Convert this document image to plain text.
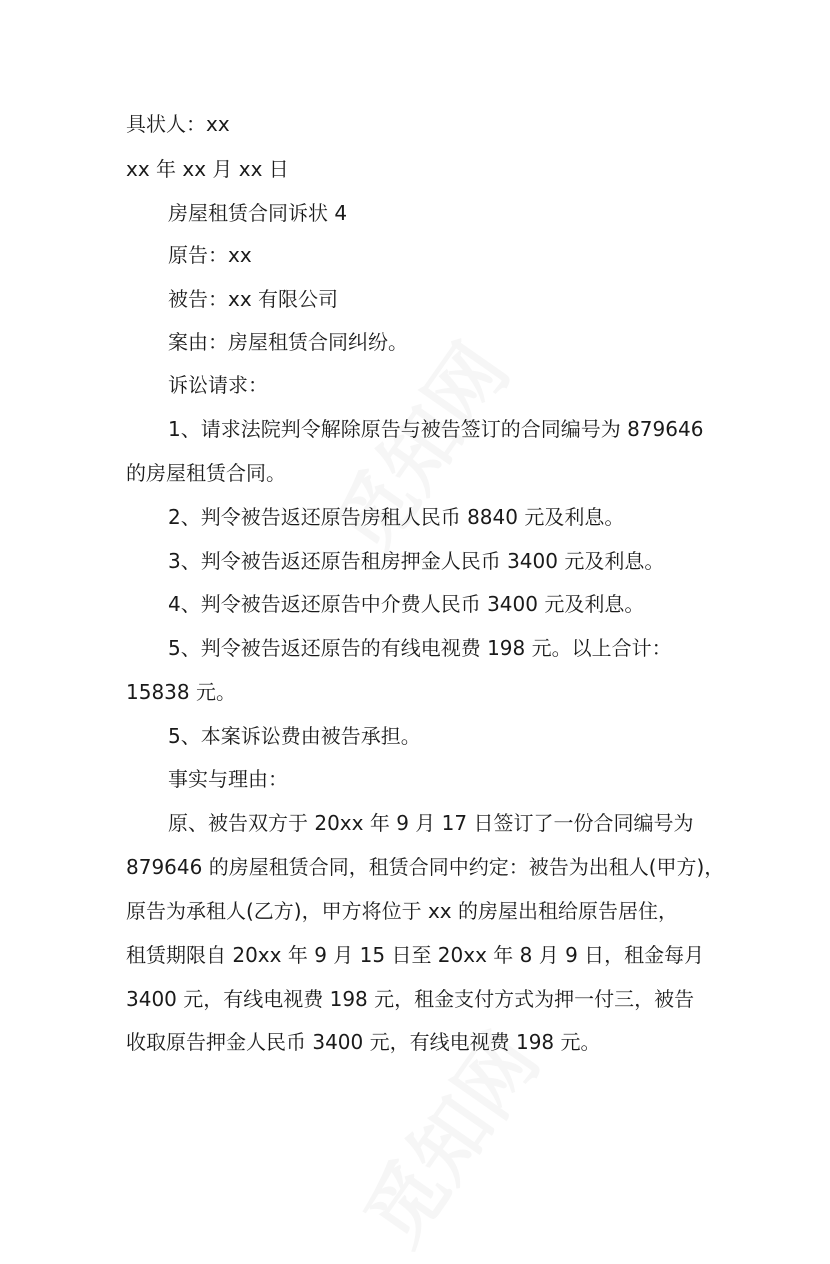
具状人：xx
xx 年 xx 月 xx 日
房屋租赁合同诉状 4
原告：xx
被告：xx 有限公司
案由：房屋租赁合同纠纷。
诉讼请求：
1、请求法院判令解除原告与被告签订的合同编号为 879646
的房屋租赁合同。
2、判令被告返还原告房租人民币 8840 元及利息。
3、判令被告返还原告租房押金人民币 3400 元及利息。
4、判令被告返还原告中介费人民币 3400 元及利息。
5、判令被告返还原告的有线电视费 198 元。以上合计：
15838 元。
5、本案诉讼费由被告承担。
事实与理由：
原、被告双方于 20xx 年 9 月 17 日签订了一份合同编号为
879646 的房屋租赁合同，租赁合同中约定：被告为出租人(甲方)，
原告为承租人(乙方)，甲方将位于 xx 的房屋出租给原告居住，
租赁期限自 20xx 年 9 月 15 日至 20xx 年 8 月 9 日，租金每月
3400 元，有线电视费 198 元，租金支付方式为押一付三，被告
收取原告押金人民币 3400 元，有线电视费 198 元。
